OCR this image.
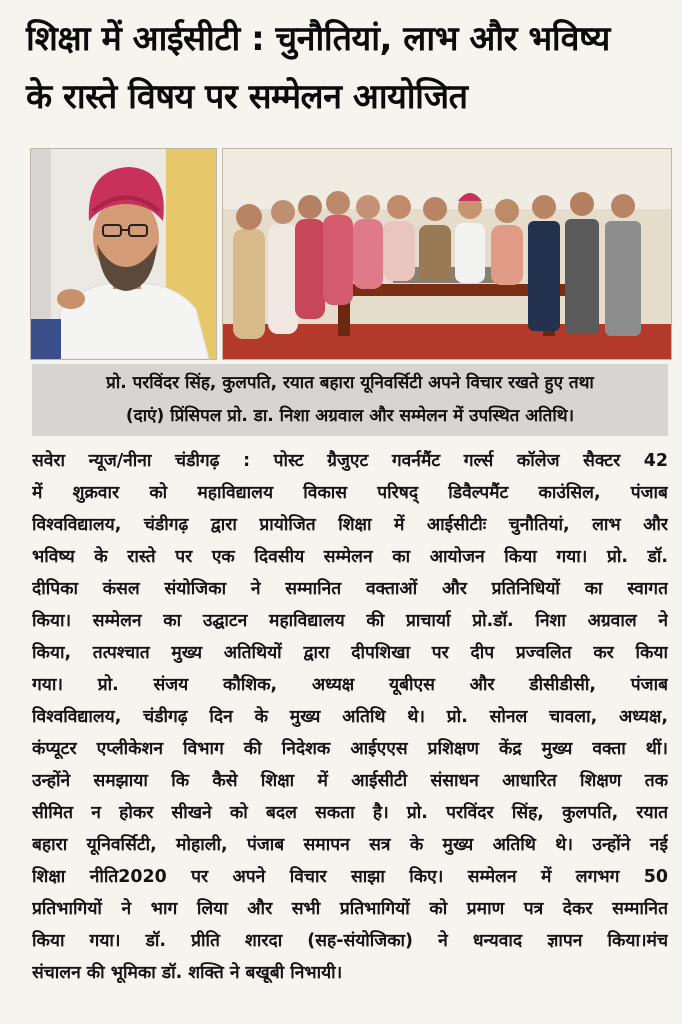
शिक्षा में आईसीटी : चुनौतियां, लाभ और भविष्य
के रास्ते विषय पर सम्मेलन आयोजित
प्रो. परविंदर सिंह, कुलपति, रयात बहारा यूनिवर्सिटी अपने विचार रखते हुए तथा
(दाएं) प्रिंसिपल प्रो. डा. निशा अग्रवाल और सम्मेलन में उपस्थित अतिथि।
सवेरा न्यूज/नीना चंडीगढ़ : पोस्ट ग्रैजुएट गवर्नमैंट गर्ल्स कॉलेज सैक्टर 42
में शुक्रवार को महाविद्यालय विकास परिषद् डिवैल्पमैंट काउंसिल, पंजाब
विश्वविद्यालय, चंडीगढ़ द्वारा प्रायोजित शिक्षा में आईसीटीः चुनौतियां, लाभ और
भविष्य के रास्ते पर एक दिवसीय सम्मेलन का आयोजन किया गया। प्रो. डॉ.
दीपिका कंसल संयोजिका ने सम्मानित वक्ताओं और प्रतिनिधियों का स्वागत
किया। सम्मेलन का उद्घाटन महाविद्यालय की प्राचार्या प्रो.डॉ. निशा अग्रवाल ने
किया, तत्पश्चात मुख्य अतिथियों द्वारा दीपशिखा पर दीप प्रज्वलित कर किया
गया। प्रो. संजय कौशिक, अध्यक्ष यूबीएस और डीसीडीसी, पंजाब
विश्वविद्यालय, चंडीगढ़ दिन के मुख्य अतिथि थे। प्रो. सोनल चावला, अध्यक्ष,
कंप्यूटर एप्लीकेशन विभाग की निदेशक आईएएस प्रशिक्षण केंद्र मुख्य वक्ता थीं।
उन्होंने समझाया कि कैसे शिक्षा में आईसीटी संसाधन आधारित शिक्षण तक
सीमित न होकर सीखने को बदल सकता है। प्रो. परविंदर सिंह, कुलपति, रयात
बहारा यूनिवर्सिटी, मोहाली, पंजाब समापन सत्र के मुख्य अतिथि थे। उन्होंने नई
शिक्षा नीति2020 पर अपने विचार साझा किए। सम्मेलन में लगभग 50
प्रतिभागियों ने भाग लिया और सभी प्रतिभागियों को प्रमाण पत्र देकर सम्मानित
किया गया। डॉ. प्रीति शारदा (सह-संयोजिका) ने धन्यवाद ज्ञापन किया।मंच
संचालन की भूमिका डॉ. शक्ति ने बखूबी निभायी।
